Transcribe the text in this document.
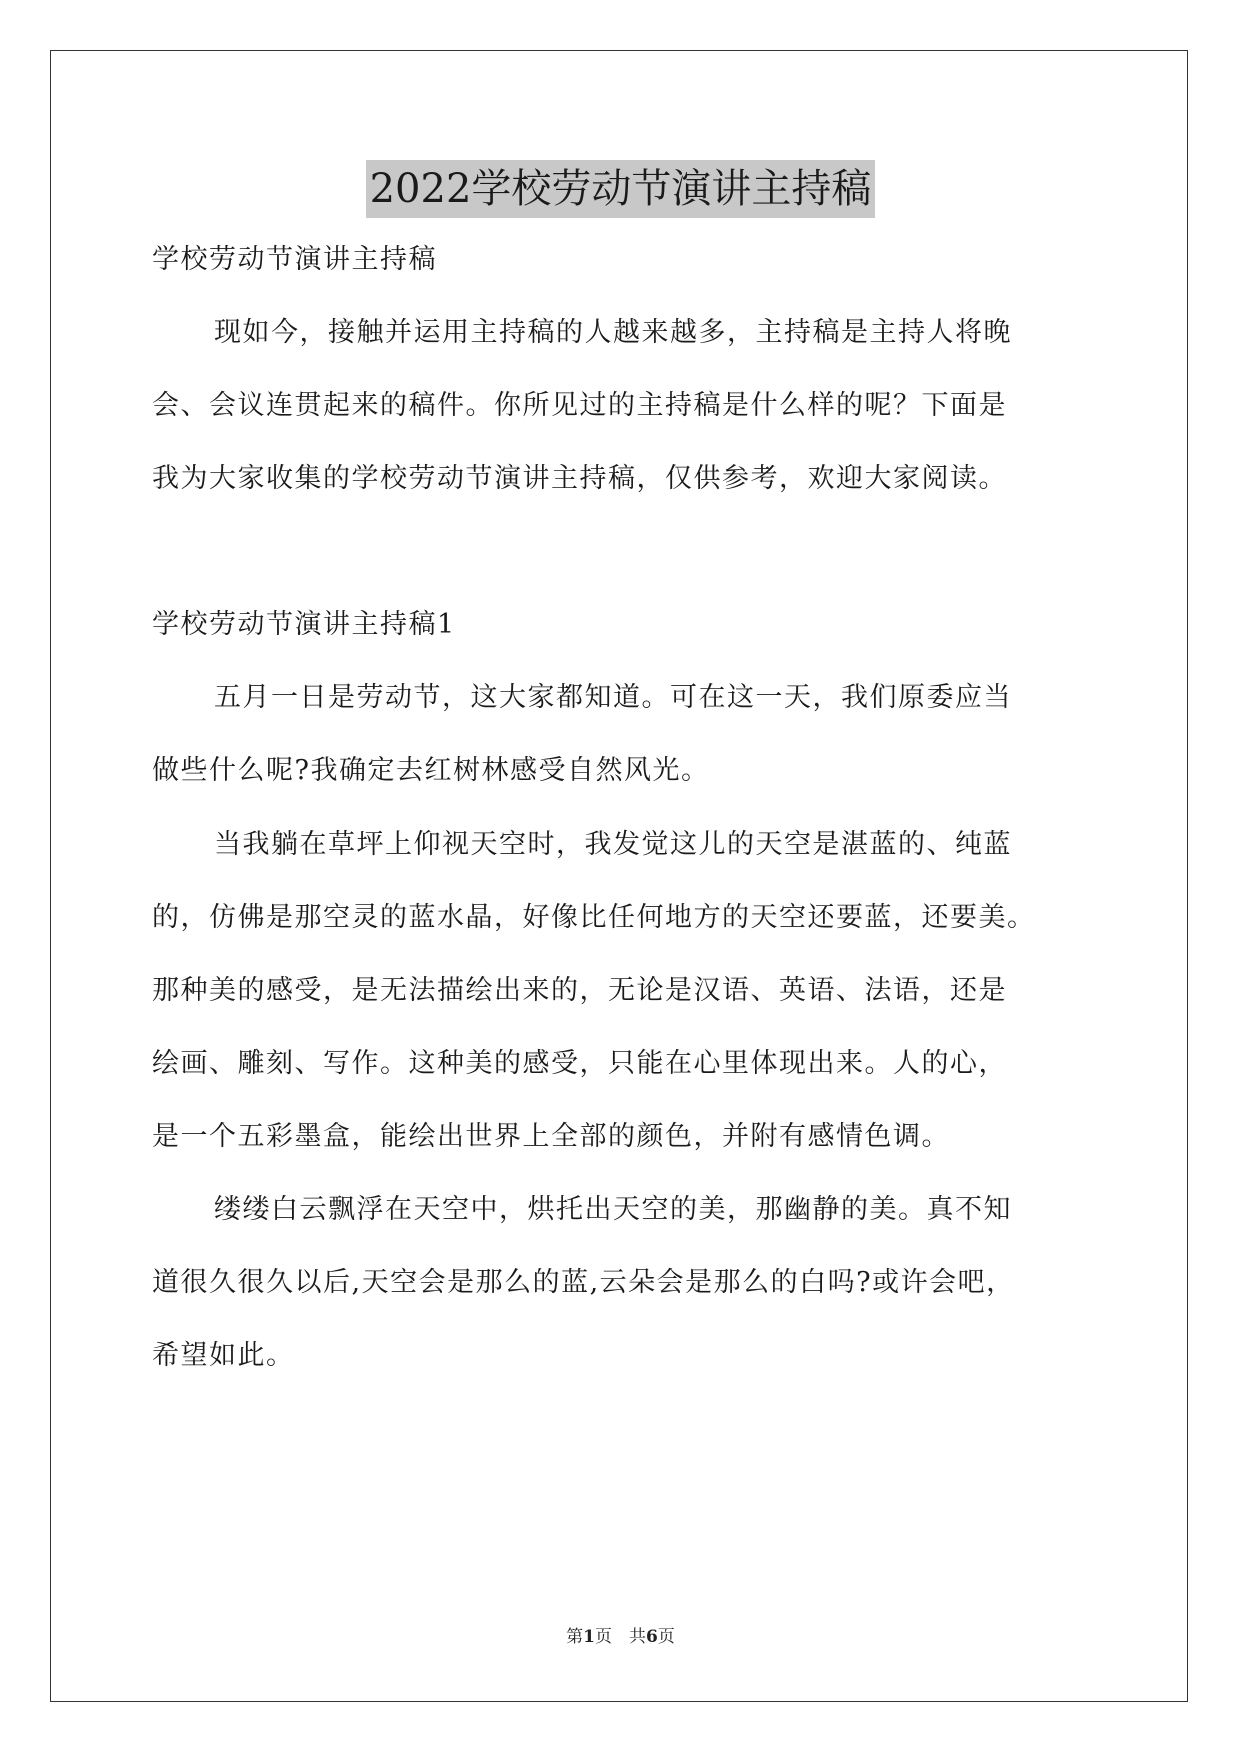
2022学校劳动节演讲主持稿
学校劳动节演讲主持稿
现如今，接触并运用主持稿的人越来越多，主持稿是主持人将晚
会、会议连贯起来的稿件。你所见过的主持稿是什么样的呢？下面是
我为大家收集的学校劳动节演讲主持稿，仅供参考，欢迎大家阅读。
学校劳动节演讲主持稿1
五月一日是劳动节，这大家都知道。可在这一天，我们原委应当
做些什么呢?我确定去红树林感受自然风光。
当我躺在草坪上仰视天空时，我发觉这儿的天空是湛蓝的、纯蓝
的，仿佛是那空灵的蓝水晶，好像比任何地方的天空还要蓝，还要美。
那种美的感受，是无法描绘出来的，无论是汉语、英语、法语，还是
绘画、雕刻、写作。这种美的感受，只能在心里体现出来。人的心，
是一个五彩墨盒，能绘出世界上全部的颜色，并附有感情色调。
缕缕白云飘浮在天空中，烘托出天空的美，那幽静的美。真不知
道很久很久以后,天空会是那么的蓝,云朵会是那么的白吗?或许会吧，
希望如此。
第1页　共6页
